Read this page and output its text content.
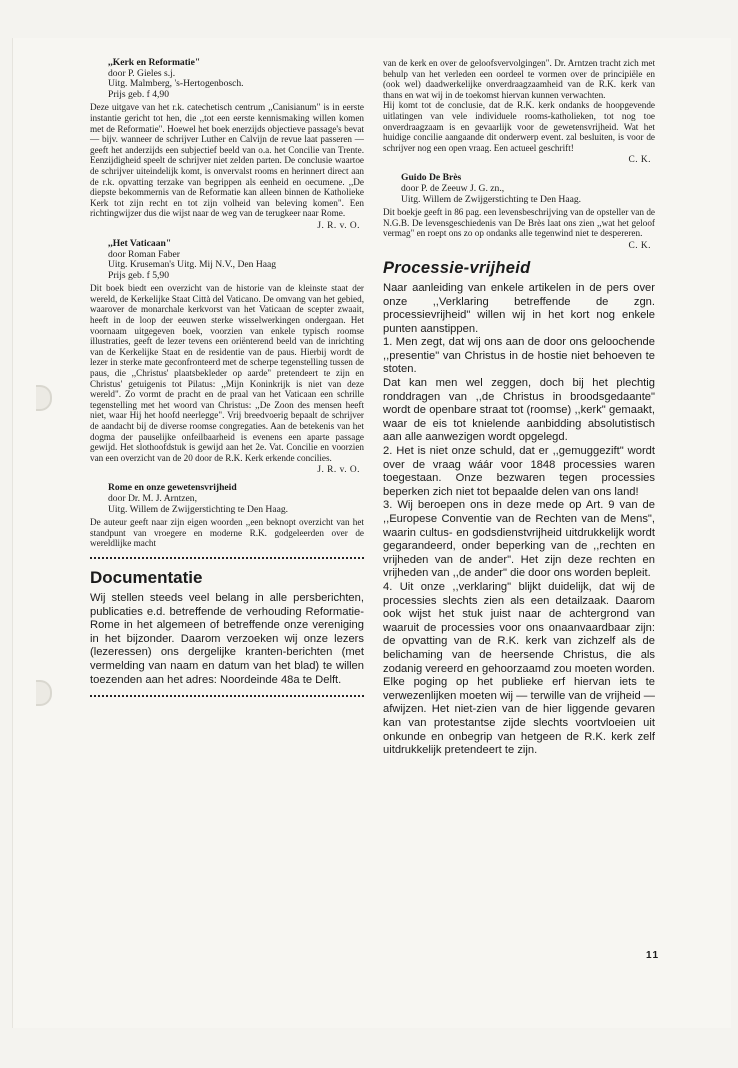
,,Kerk en Reformatie"
door P. Gieles s.j.
Uitg. Malmberg, 's-Hertogenbosch.
Prijs geb. f 4,90

Deze uitgave van het r.k. catechetisch centrum ,,Canisianum" is in eerste instantie gericht tot hen, die ,,tot een eerste kennismaking willen komen met de Reformatie". Hoewel het boek enerzijds objectieve passage's bevat — bijv. wanneer de schrijver Luther en Calvijn de revue laat passeren — geeft het anderzijds een subjectief beeld van o.a. het Concilie van Trente. Eenzijdigheid speelt de schrijver niet zelden parten. De conclusie waartoe de schrijver uiteindelijk komt, is onvervalst rooms en herinnert direct aan de r.k. opvatting terzake van begrippen als eenheid en oecumene. ,,De diepste bekommernis van de Reformatie kan alleen binnen de Katholieke Kerk tot zijn recht en tot zijn volheid van beleving komen". Een richtingwijzer dus die wijst naar de weg van de terugkeer naar Rome.

J. R. v. O.
,,Het Vaticaan"
door Roman Faber
Uitg. Kruseman's Uitg. Mij N.V., Den Haag
Prijs geb. f 5,90

Dit boek biedt een overzicht van de historie van de kleinste staat der wereld, de Kerkelijke Staat Città del Vaticano. De omvang van het gebied, waarover de monarchale kerkvorst van het Vaticaan de scepter zwaait, heeft in de loop der eeuwen sterke wisselwerkingen ondergaan. Het voornaam uitgegeven boek, voorzien van enkele typisch roomse illustraties, geeft de lezer tevens een oriënterend beeld van de inrichting van de Kerkelijke Staat en de residentie van de paus. Hierbij wordt de lezer in sterke mate geconfronteerd met de scherpe tegenstelling tussen de paus, die ,,Christus' plaatsbekleder op aarde" pretendeert te zijn en Christus' getuigenis tot Pilatus: ,,Mijn Koninkrijk is niet van deze wereld". Zo vormt de pracht en de praal van het Vaticaan een schrille tegenstelling met het woord van Christus: ,,De Zoon des mensen heeft niet, waar Hij het hoofd neerlegge". Vrij breedvoerig bepaalt de schrijver de aandacht bij de diverse roomse congregaties. Aan de betekenis van het dogma der pauselijke onfeilbaarheid is evenens een aparte passage gewijd. Het slothoofdstuk is gewijd aan het 2e. Vat. Concilie en voorzien van een overzicht van de 20 door de R.K. Kerk erkende concilies.

J. R. v. O.
Rome en onze gewetensvrijheid
door Dr. M. J. Arntzen,
Uitg. Willem de Zwijgerstichting te Den Haag.

De auteur geeft naar zijn eigen woorden ,,een beknopt overzicht van het standpunt van vroegere en moderne R.K. godgeleerden over de wereldlijke macht

Documentatie

Wij stellen steeds veel belang in alle persberichten, publicaties e.d. betreffende de verhouding Reformatie-Rome in het algemeen of betreffende onze vereniging in het bijzonder. Daarom verzoeken wij onze lezers (lezeressen) ons dergelijke kranten-berichten (met vermelding van naam en datum van het blad) te willen toezenden aan het adres: Noordeinde 48a te Delft.

van de kerk en over de geloofsvervolgingen". Dr. Arntzen tracht zich met behulp van het verleden een oordeel te vormen over de principiële en (ook wel) daadwerkelijke onverdraagzaamheid van de R.K. kerk van thans en wat wij in de toekomst hiervan kunnen verwachten.
Hij komt tot de conclusie, dat de R.K. kerk ondanks de hoopgevende uitlatingen van vele individuele rooms-katholieken, tot nog toe onverdraagzaam is en gevaarlijk voor de gewetensvrijheid. Wat het huidige concilie aangaande dit onderwerp event. zal besluiten, is voor de schrijver nog een open vraag. Een actueel geschrift!

C. K.
Guido De Brès
door P. de Zeeuw J. G. zn.,
Uitg. Willem de Zwijgerstichting te Den Haag.

Dit boekje geeft in 86 pag. een levensbeschrijving van de opsteller van de N.G.B. De levensgeschiedenis van De Brès laat ons zien ,,wat het geloof vermag" en roept ons zo op ondanks alle tegenwind niet te despereren.

C. K.
Processie-vrijheid

Naar aanleiding van enkele artikelen in de pers over onze ,,Verklaring betreffende de zgn. processievrijheid" willen wij in het kort nog enkele punten aanstippen.

1. Men zegt, dat wij ons aan de door ons geloochende ,,presentie" van Christus in de hostie niet behoeven te stoten.
Dat kan men wel zeggen, doch bij het plechtig ronddragen van ,,de Christus in broodsgedaante" wordt de openbare straat tot (roomse) ,,kerk" gemaakt, waar de eis tot knielende aanbidding absolutistisch aan alle aanwezigen wordt opgelegd.

2. Het is niet onze schuld, dat er ,,gemuggezift" wordt over de vraag wáár voor 1848 processies waren toegestaan. Onze bezwaren tegen processies beperken zich niet tot bepaalde delen van ons land!

3. Wij beroepen ons in deze mede op Art. 9 van de ,,Europese Conventie van de Rechten van de Mens", waarin cultus- en godsdienstvrijheid uitdrukkelijk wordt gegarandeerd, onder beperking van de ,,rechten en vrijheden van de ander". Het zijn deze rechten en vrijheden van ,,de ander" die door ons worden bepleit.

4. Uit onze ,,verklaring" blijkt duidelijk, dat wij de processies slechts zien als een detailzaak. Daarom ook wijst het stuk juist naar de achtergrond van waaruit de processies voor ons onaanvaardbaar zijn: de opvatting van de R.K. kerk van zichzelf als de belichaming van de heersende Christus, die als zodanig vereerd en gehoorzaamd zou moeten worden. Elke poging op het publieke erf hiervan iets te verwezenlijken moeten wij — terwille van de vrijheid — afwijzen. Het niet-zien van de hier liggende gevaren kan van protestantse zijde slechts voortvloeien uit onkunde en onbegrip van hetgeen de R.K. kerk zelf uitdrukkelijk pretendeert te zijn.

11
